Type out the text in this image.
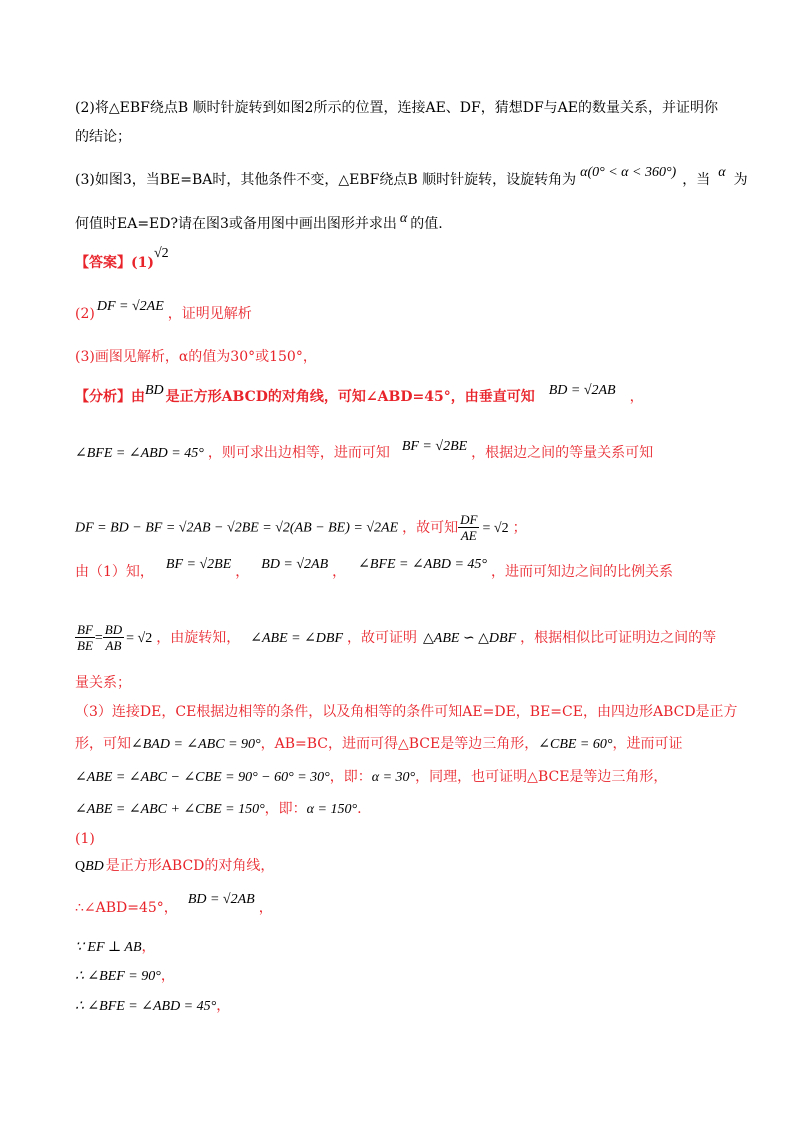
(2)将△EBF绕点B 顺时针旋转到如图2所示的位置，连接AE、DF，猜想DF与AE的数量关系，并证明你
的结论；
(3)如图3，当BE=BA时，其他条件不变，△EBF绕点B 顺时针旋转，设旋转角为 α(0° < α < 360°) ，当 α 为
何值时EA=ED?请在图3或备用图中画出图形并求出 α 的值.
【答案】(1)√2
(2) DF = √2AE ，证明见解析
(3)画图见解析，α的值为30°或150°，
【分析】由BD 是正方形ABCD的对角线，可知∠ABD=45°，由垂直可知 BD = √2AB ，
∠BFE = ∠ABD = 45° ，则可求出边相等，进而可知 BF = √2BE ，根据边之间的等量关系可知
DF = BD − BF = √2AB − √2BE = √2(AB − BE) = √2AE ，故可知 $\frac{DF}{AE} = √2$ ；
由（1）知， BF = √2BE ， BD = √2AB ， ∠BFE = ∠ABD = 45° ，进而可知边之间的比例关系
$\frac{BF}{BE} = \frac{BD}{AB} = √2$ ，由旋转知， ∠ABE = ∠DBF ，故可证明 △ABE ∽ △DBF ，根据相似比可证明边之间的等
量关系；
（3）连接DE，CE根据边相等的条件，以及角相等的条件可知AE=DE，BE=CE，由四边形ABCD是正方
形，可知∠BAD = ∠ABC = 90°，AB=BC，进而可得△BCE是等边三角形，∠CBE = 60°，进而可证
∠ABE = ∠ABC − ∠CBE = 90° − 60° = 30°，即：α = 30°，同理，也可证明△BCE是等边三角形，
∠ABE = ∠ABC + ∠CBE = 150°，即：α = 150°.
(1)
QBD 是正方形ABCD的对角线，
∴∠ABD=45°，BD = √2AB，
∵ EF ⊥ AB，
∴ ∠BEF = 90°，
∴ ∠BFE = ∠ABD = 45°，
